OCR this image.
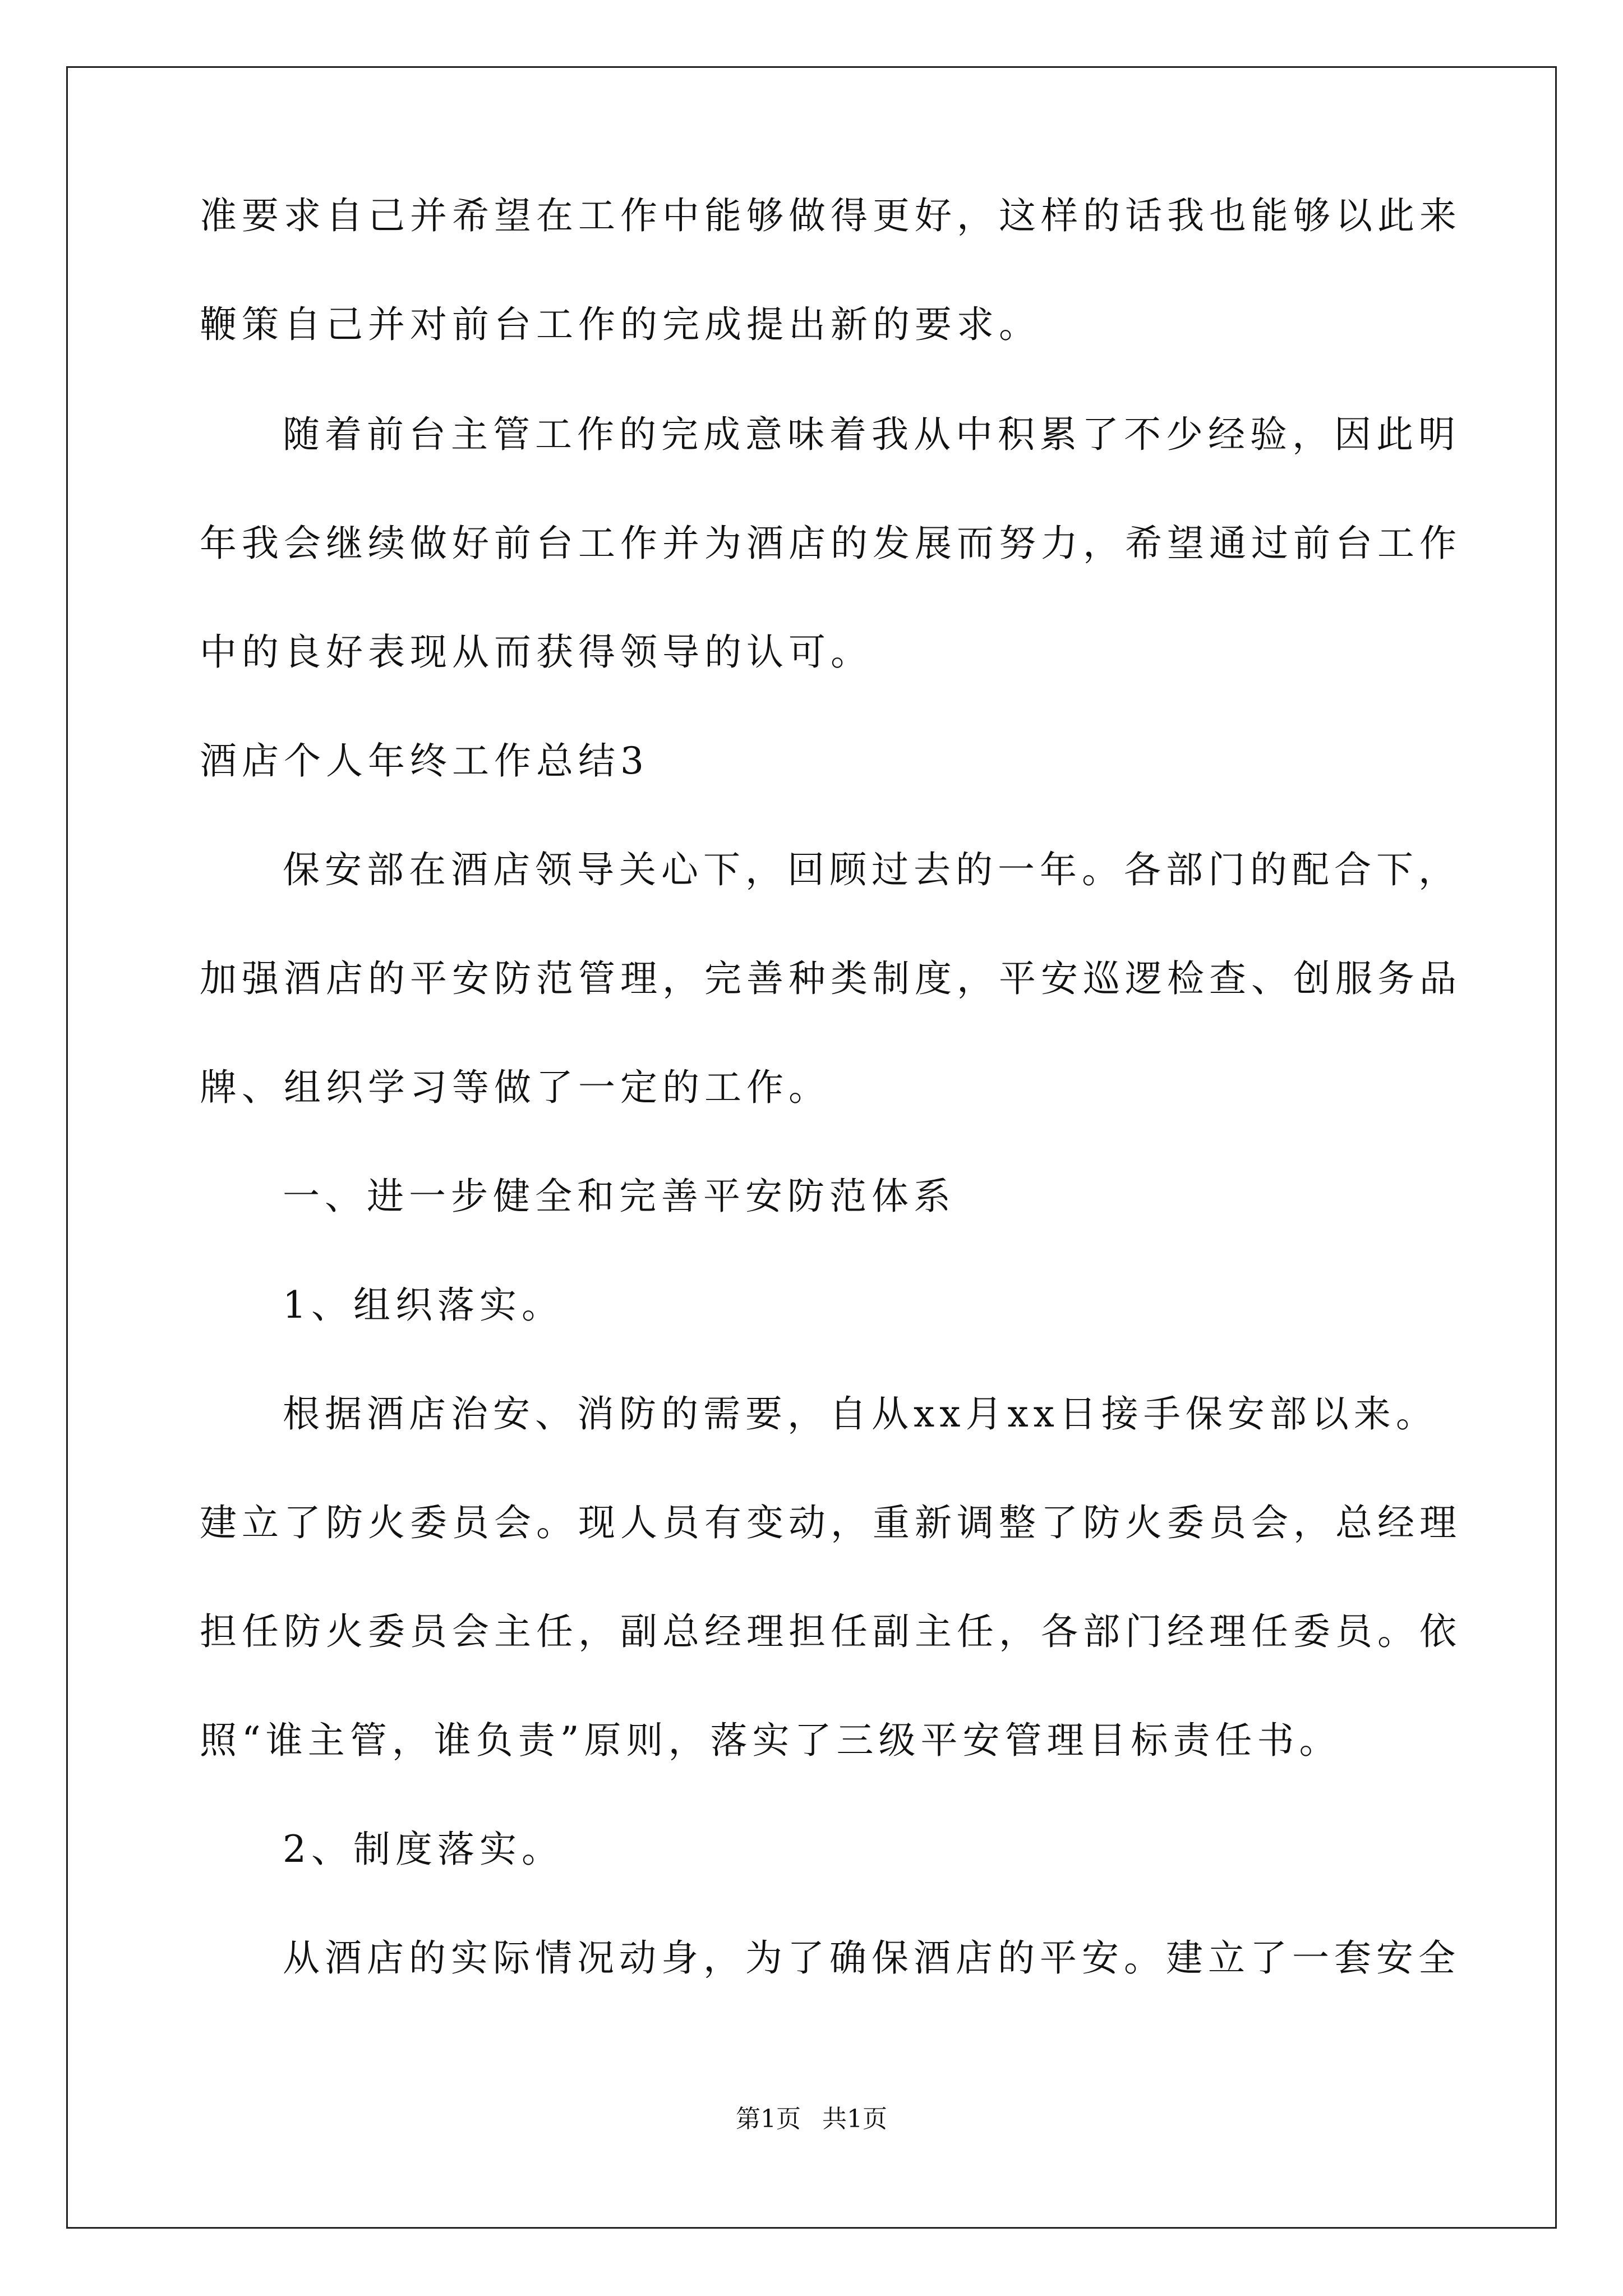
准要求自己并希望在工作中能够做得更好，这样的话我也能够以此来
鞭策自己并对前台工作的完成提出新的要求。
随着前台主管工作的完成意味着我从中积累了不少经验，因此明
年我会继续做好前台工作并为酒店的发展而努力，希望通过前台工作
中的良好表现从而获得领导的认可。
酒店个人年终工作总结3
保安部在酒店领导关心下，回顾过去的一年。各部门的配合下，
加强酒店的平安防范管理，完善种类制度，平安巡逻检查、创服务品
牌、组织学习等做了一定的工作。
一、进一步健全和完善平安防范体系
1、组织落实。
根据酒店治安、消防的需要，自从xx月xx日接手保安部以来。
建立了防火委员会。现人员有变动，重新调整了防火委员会，总经理
担任防火委员会主任，副总经理担任副主任，各部门经理任委员。依
照“谁主管，谁负责”原则，落实了三级平安管理目标责任书。
2、制度落实。
从酒店的实际情况动身，为了确保酒店的平安。建立了一套安全
第1页 共1页
